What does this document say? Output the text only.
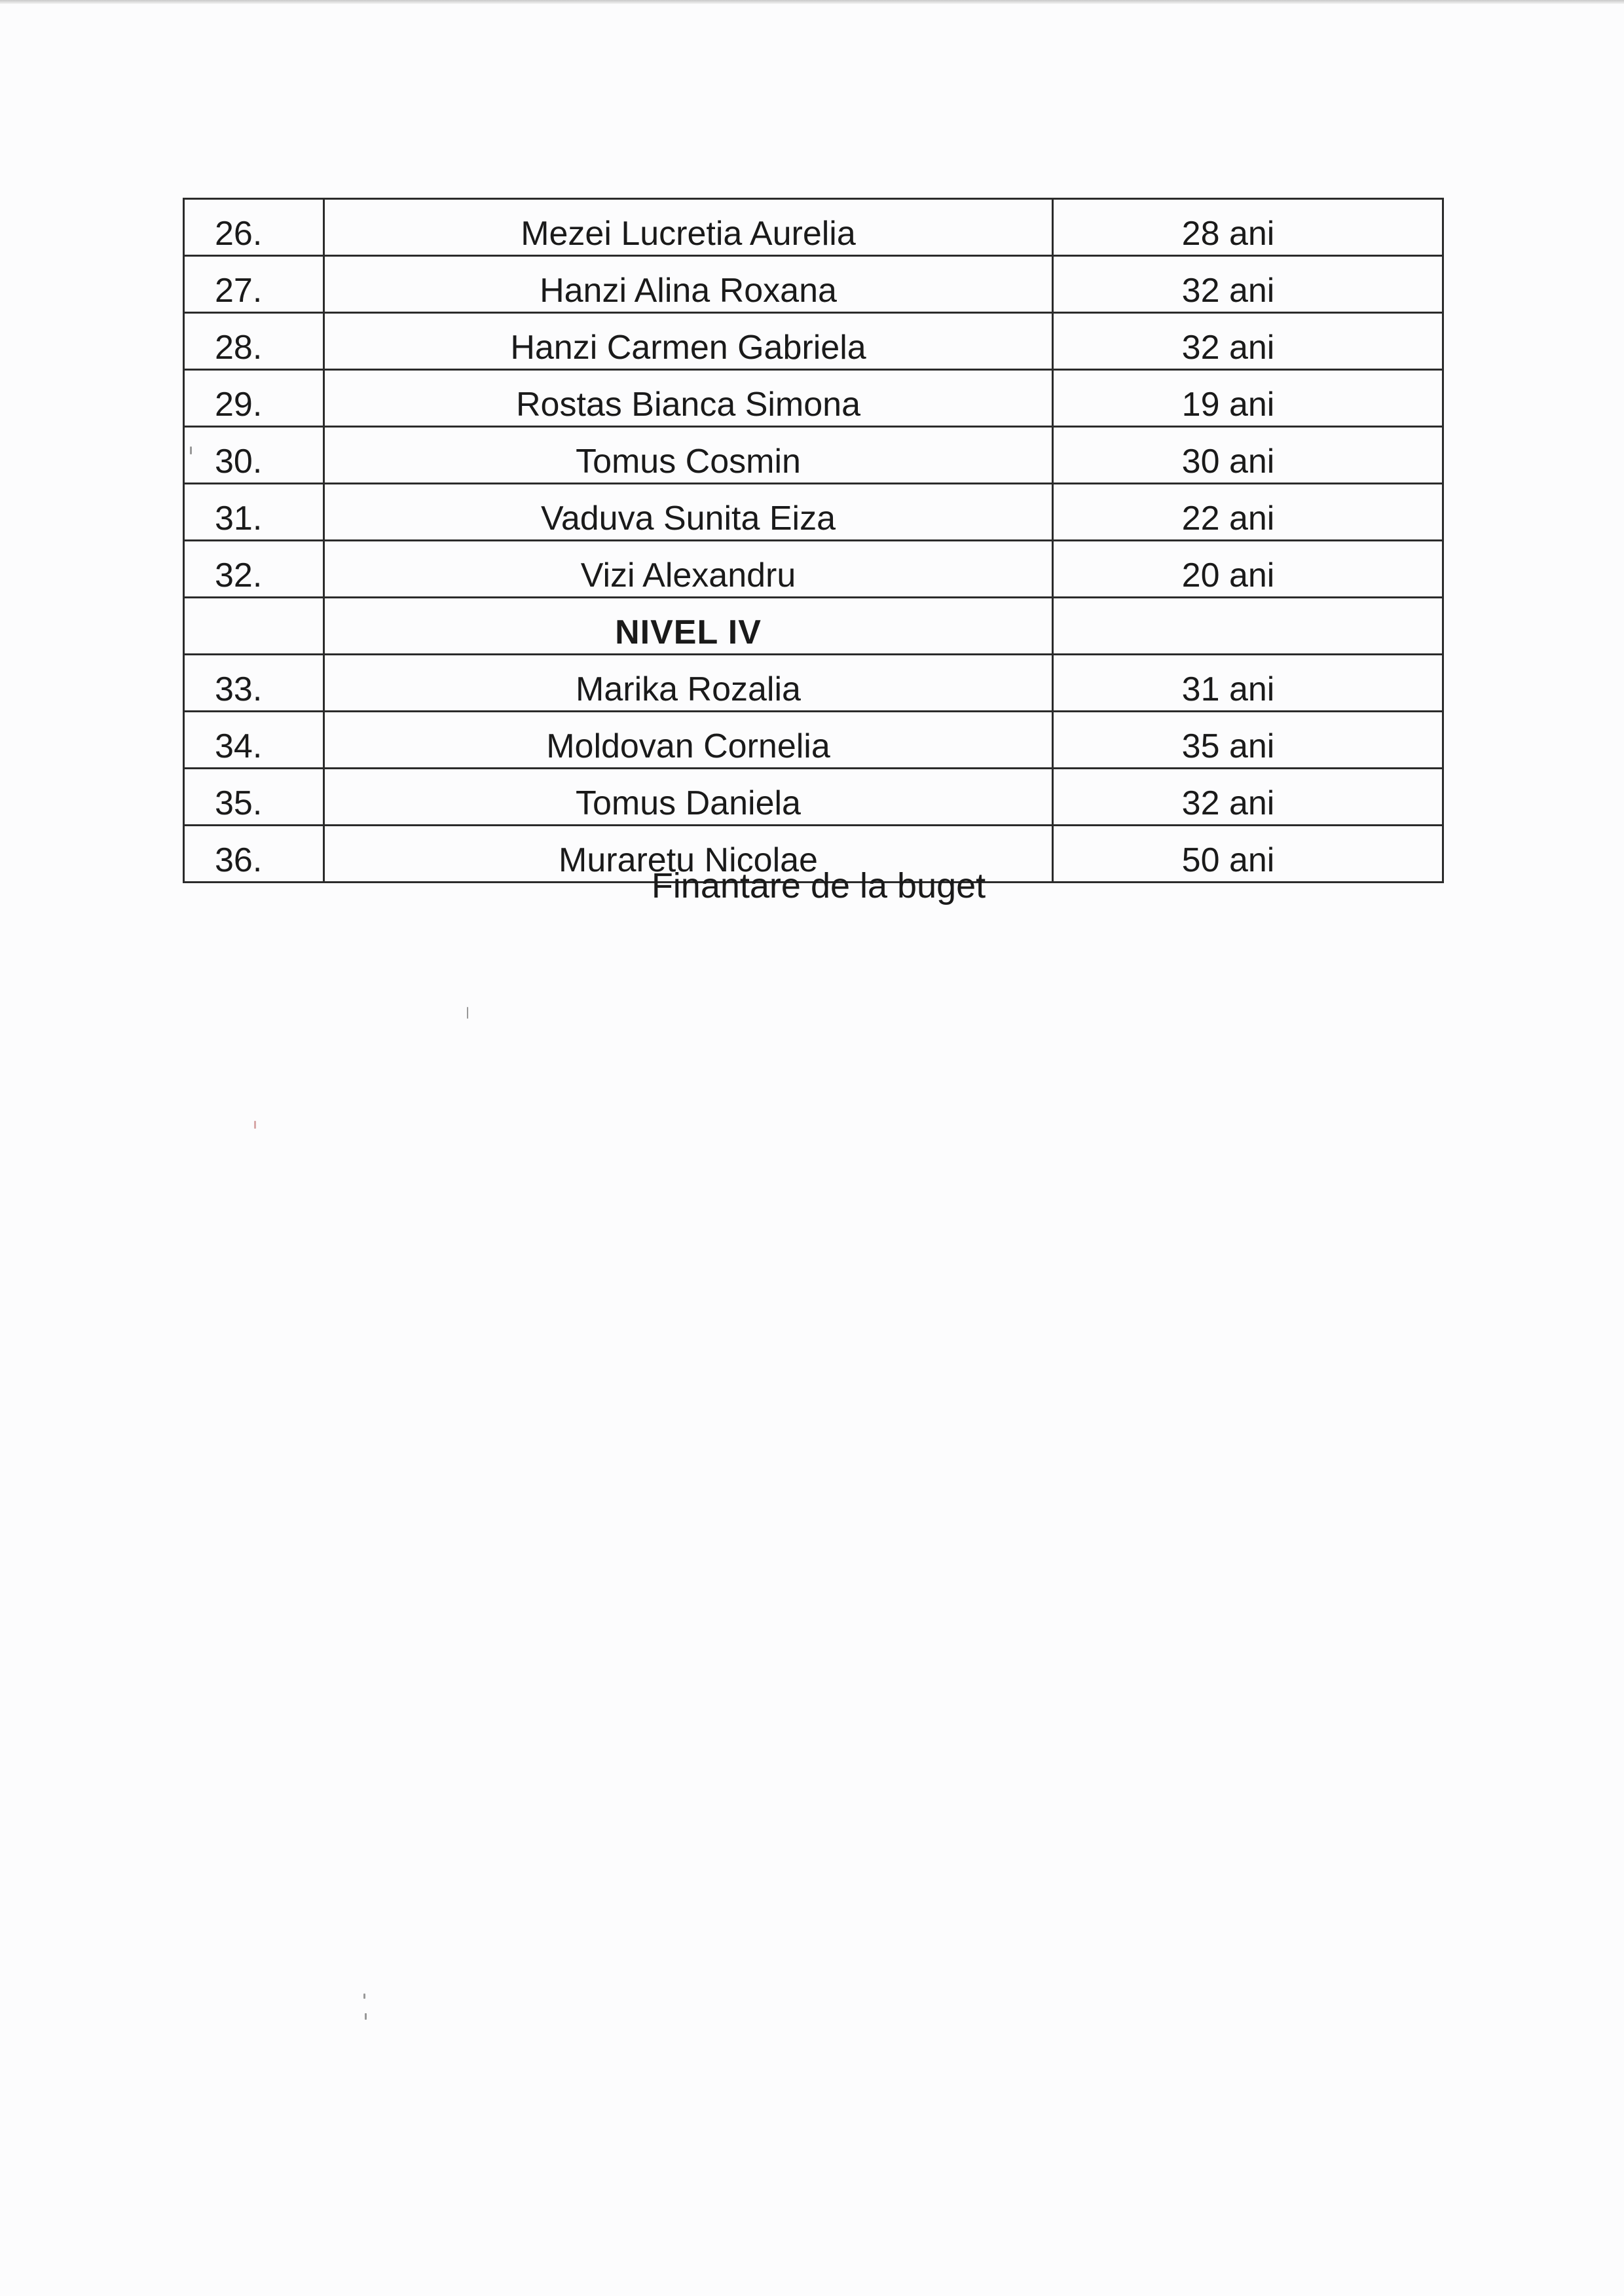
26.	Mezei Lucretia Aurelia	28 ani
27.	Hanzi Alina Roxana	32 ani
28.	Hanzi Carmen Gabriela	32 ani
29.	Rostas Bianca Simona	19 ani
30.	Tomus Cosmin	30 ani
31.	Vaduva Sunita Eiza	22 ani
32.	Vizi Alexandru	20 ani
	NIVEL IV	
33.	Marika Rozalia	31 ani
34.	Moldovan Cornelia	35 ani
35.	Tomus Daniela	32 ani
36.	Muraretu Nicolae	50 ani
Finantare de la buget
